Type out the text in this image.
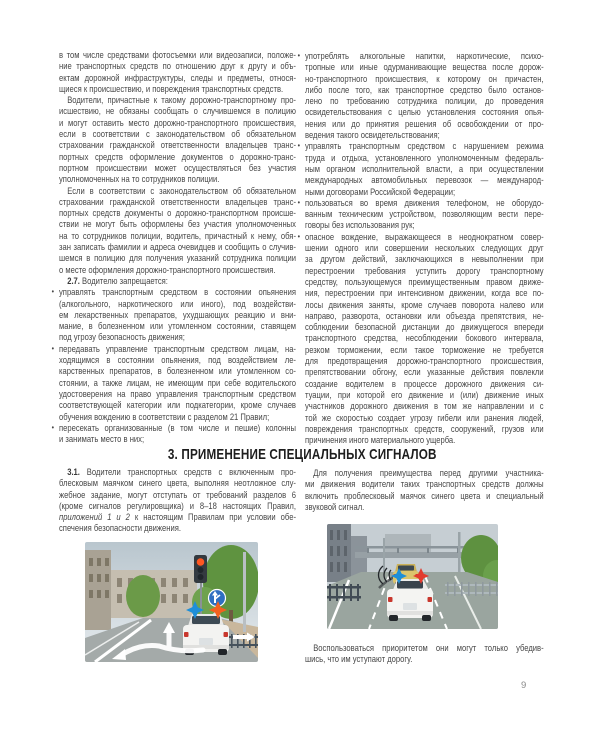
в том числе средствами фотосъемки или видеозаписи, положе-
ние транспортных средств по отношению друг к другу и объ-
ектам дорожной инфраструктуры, следы и предметы, относя-
щиеся к происшествию, и повреждения транспортных средств.
Водители, причастные к такому дорожно-транспортному про-
исшествию, не обязаны сообщать о случившемся в полицию
и могут оставить место дорожно-транспортного происшествия,
если в соответствии с законодательством об обязательном
страховании гражданской ответственности владельцев транс-
портных средств оформление документов о дорожно-транс-
портном происшествии может осуществляться без участия
уполномоченных на то сотрудников полиции.
Если в соответствии с законодательством об обязательном
страховании гражданской ответственности владельцев транс-
портных средств документы о дорожно-транспортном происше-
ствии не могут быть оформлены без участия уполномоченных
на то сотрудников полиции, водитель, причастный к нему, обя-
зан записать фамилии и адреса очевидцев и сообщить о случив-
шемся в полицию для получения указаний сотрудника полиции
о месте оформления дорожно-транспортного происшествия.
2.7. Водителю запрещается:
• управлять транспортным средством в состоянии опьянения
(алкогольного, наркотического или иного), под воздействи-
ем лекарственных препаратов, ухудшающих реакцию и вни-
мание, в болезненном или утомленном состоянии, ставящем
под угрозу безопасность движения;
• передавать управление транспортным средством лицам, на-
ходящимся в состоянии опьянения, под воздействием ле-
карственных препаратов, в болезненном или утомленном со-
стоянии, а также лицам, не имеющим при себе водительского
удостоверения на право управления транспортным средством
соответствующей категории или подкатегории, кроме случаев
обучения вождению в соответствии с разделом 21 Правил;
• пересекать организованные (в том числе и пешие) колонны
и занимать место в них;
• употреблять алкогольные напитки, наркотические, психо-
тропные или иные одурманивающие вещества после дорож-
но-транспортного происшествия, к которому он причастен,
либо после того, как транспортное средство было останов-
лено по требованию сотрудника полиции, до проведения
освидетельствования с целью установления состояния опья-
нения или до принятия решения об освобождении от про-
ведения такого освидетельствования;
• управлять транспортным средством с нарушением режима
труда и отдыха, установленного уполномоченным федераль-
ным органом исполнительной власти, а при осуществлении
международных автомобильных перевозок — международ-
ными договорами Российской Федерации;
• пользоваться во время движения телефоном, не оборудо-
ванным техническим устройством, позволяющим вести пере-
говоры без использования рук;
• опасное вождение, выражающееся в неоднократном совер-
шении одного или совершении нескольких следующих друг
за другом действий, заключающихся в невыполнении при
перестроении требования уступить дорогу транспортному
средству, пользующемуся преимущественным правом движе-
ния, перестроении при интенсивном движении, когда все по-
лосы движения заняты, кроме случаев поворота налево или
направо, разворота, остановки или объезда препятствия, не-
соблюдении безопасной дистанции до движущегося впереди
транспортного средства, несоблюдении бокового интервала,
резком торможении, если такое торможение не требуется
для предотвращения дорожно-транспортного происшествия,
препятствовании обгону, если указанные действия повлекли
создание водителем в процессе дорожного движения си-
туации, при которой его движение и (или) движение иных
участников дорожного движения в том же направлении и с
той же скоростью создает угрозу гибели или ранения людей,
повреждения транспортных средств, сооружений, грузов или
причинения иного материального ущерба.
3. ПРИМЕНЕНИЕ СПЕЦИАЛЬНЫХ СИГНАЛОВ
3.1. Водители транспортных средств с включенным про-
блесковым маячком синего цвета, выполняя неотложное слу-
жебное задание, могут отступать от требований разделов 6
(кроме сигналов регулировщика) и 8–18 настоящих Правил,
приложений 1 и 2 к настоящим Правилам при условии обе-
спечения безопасности движения.
Для получения преимущества перед другими участника-
ми движения водители таких транспортных средств должны
включить проблесковый маячок синего цвета и специальный
звуковой сигнал.
Воспользоваться приоритетом они могут только убедив-
шись, что им уступают дорогу.
9
